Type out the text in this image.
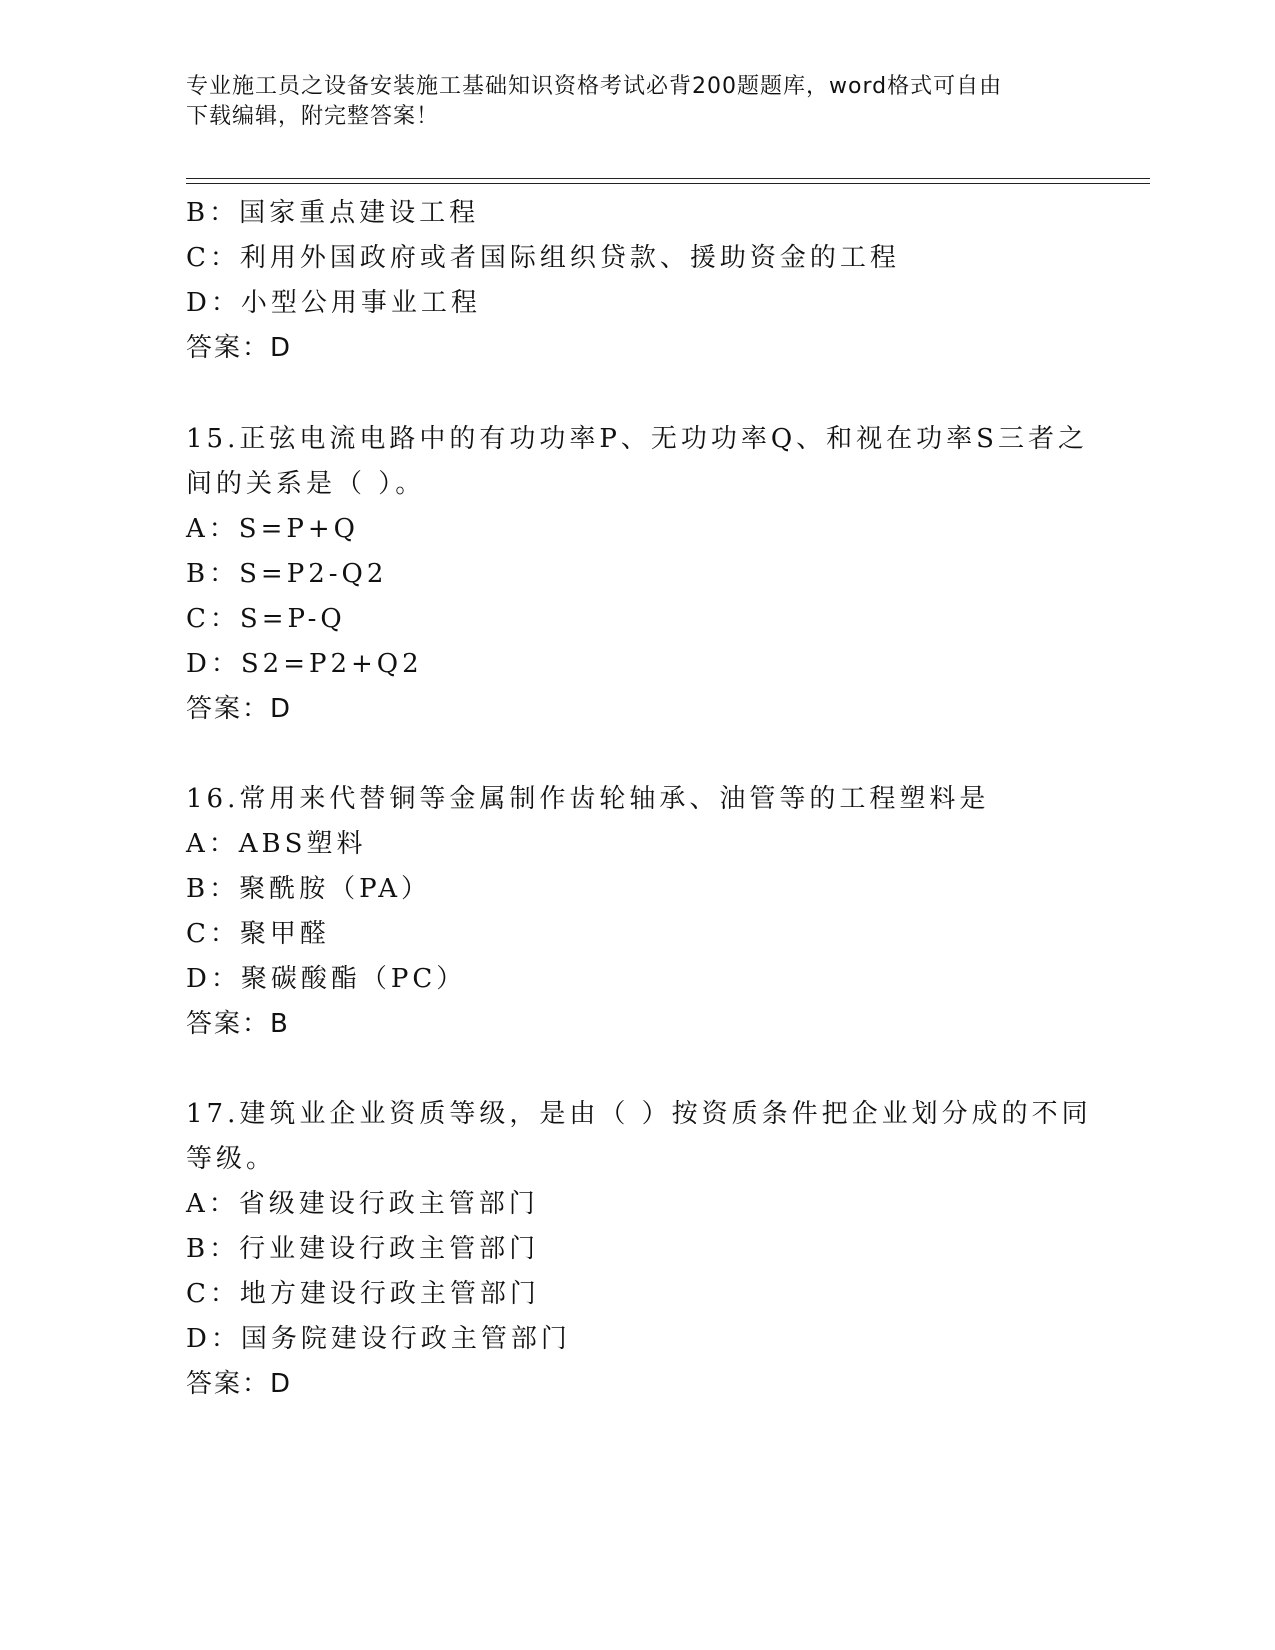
专业施工员之设备安装施工基础知识资格考试必背200题题库，word格式可自由
下载编辑，附完整答案！
B：国家重点建设工程
C：利用外国政府或者国际组织贷款、援助资金的工程
D：小型公用事业工程
答案：D
15.正弦电流电路中的有功功率P、无功功率Q、和视在功率S三者之
间的关系是（ ）。
A：S=P+Q
B：S=P2-Q2
C：S=P-Q
D：S2=P2+Q2
答案：D
16.常用来代替铜等金属制作齿轮轴承、油管等的工程塑料是
A：ABS塑料
B：聚酰胺（PA）
C：聚甲醛
D：聚碳酸酯（PC）
答案：B
17.建筑业企业资质等级，是由（ ）按资质条件把企业划分成的不同
等级。
A：省级建设行政主管部门
B：行业建设行政主管部门
C：地方建设行政主管部门
D：国务院建设行政主管部门
答案：D
